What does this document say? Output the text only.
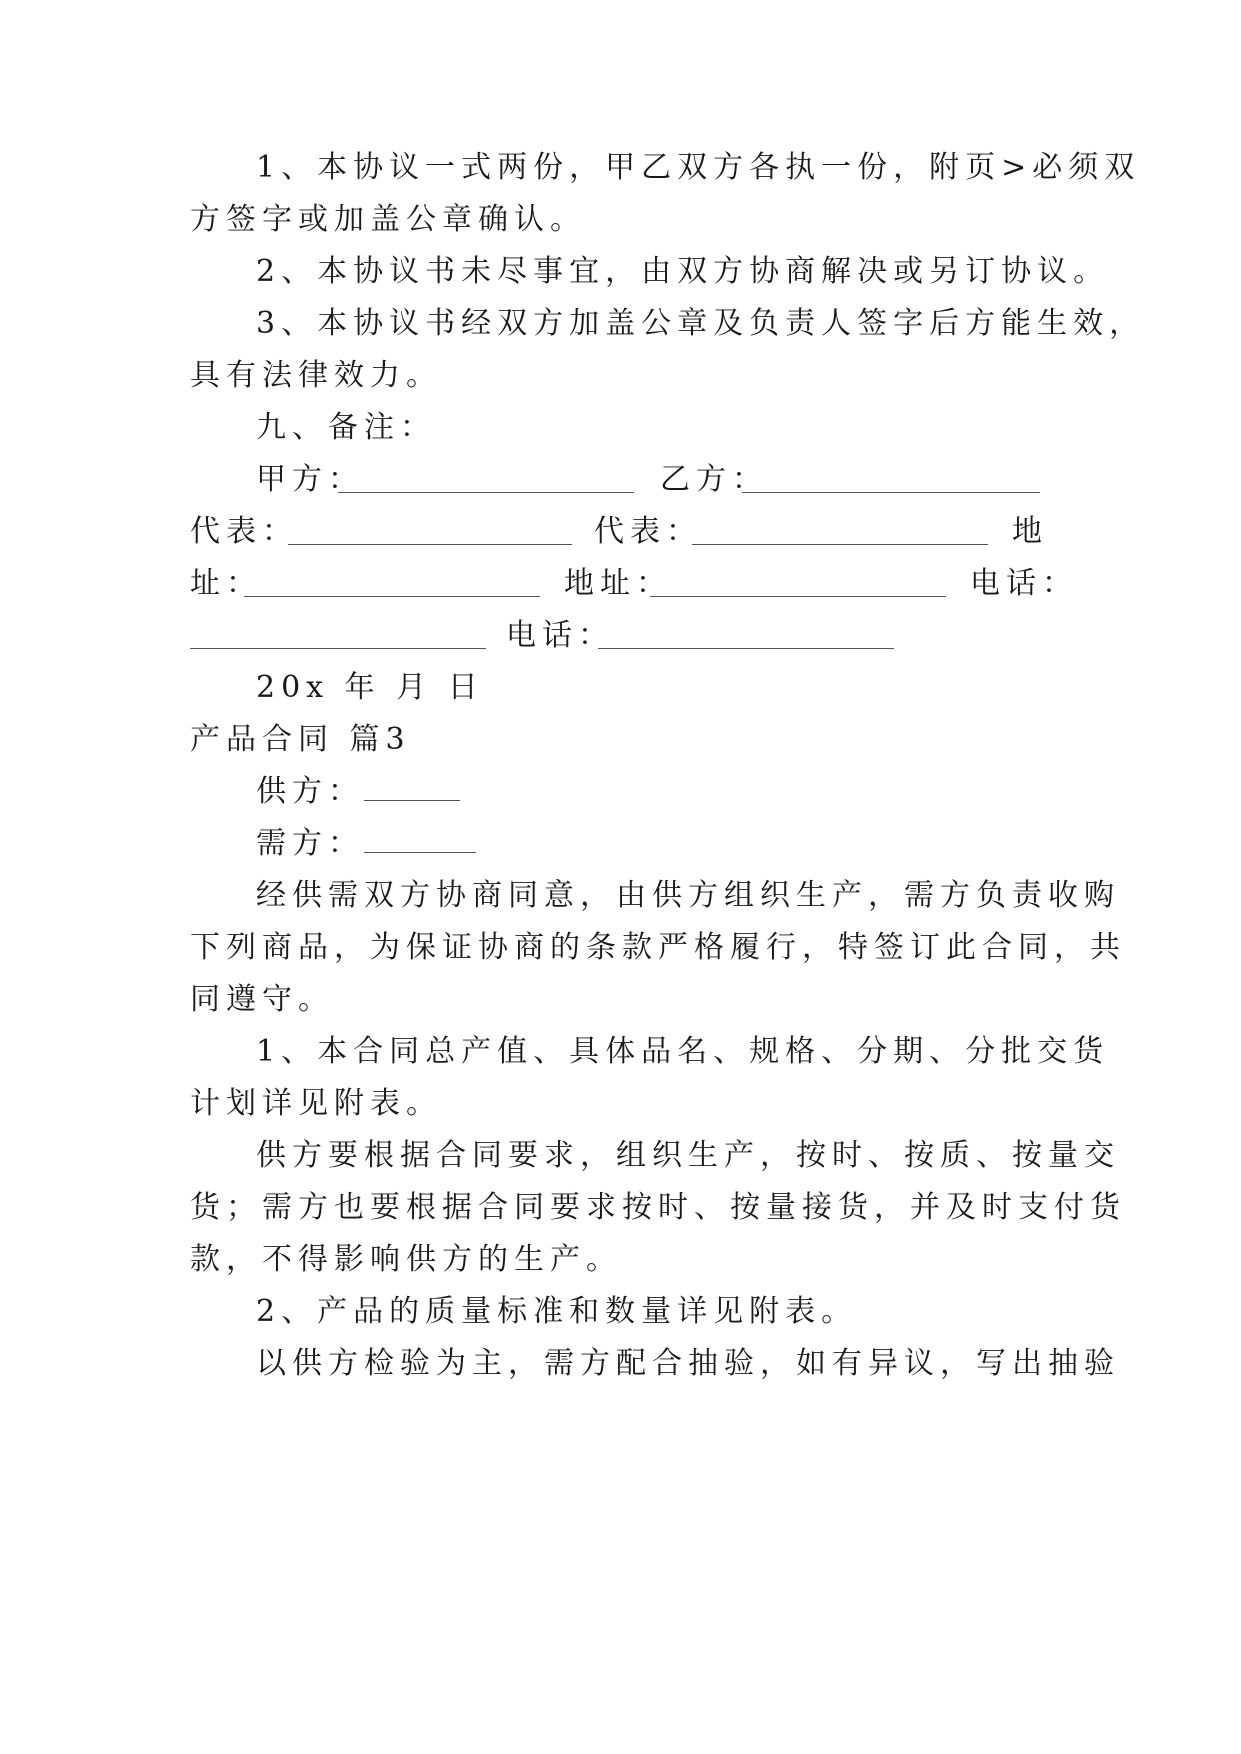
1、本协议一式两份，甲乙双方各执一份，附页>必须双
方签字或加盖公章确认。
2、本协议书未尽事宜，由双方协商解决或另订协议。
3、本协议书经双方加盖公章及负责人签字后方能生效，
具有法律效力。
九、备注：
甲方：	乙方：
代表：	代表：	地
址：	地址：	电话：
电话：
20x 年 月 日
产品合同 篇3
供方：
需方：
经供需双方协商同意，由供方组织生产，需方负责收购
下列商品，为保证协商的条款严格履行，特签订此合同，共
同遵守。
1、本合同总产值、具体品名、规格、分期、分批交货
计划详见附表。
供方要根据合同要求，组织生产，按时、按质、按量交
货；需方也要根据合同要求按时、按量接货，并及时支付货
款，不得影响供方的生产。
2、产品的质量标准和数量详见附表。
以供方检验为主，需方配合抽验，如有异议，写出抽验
